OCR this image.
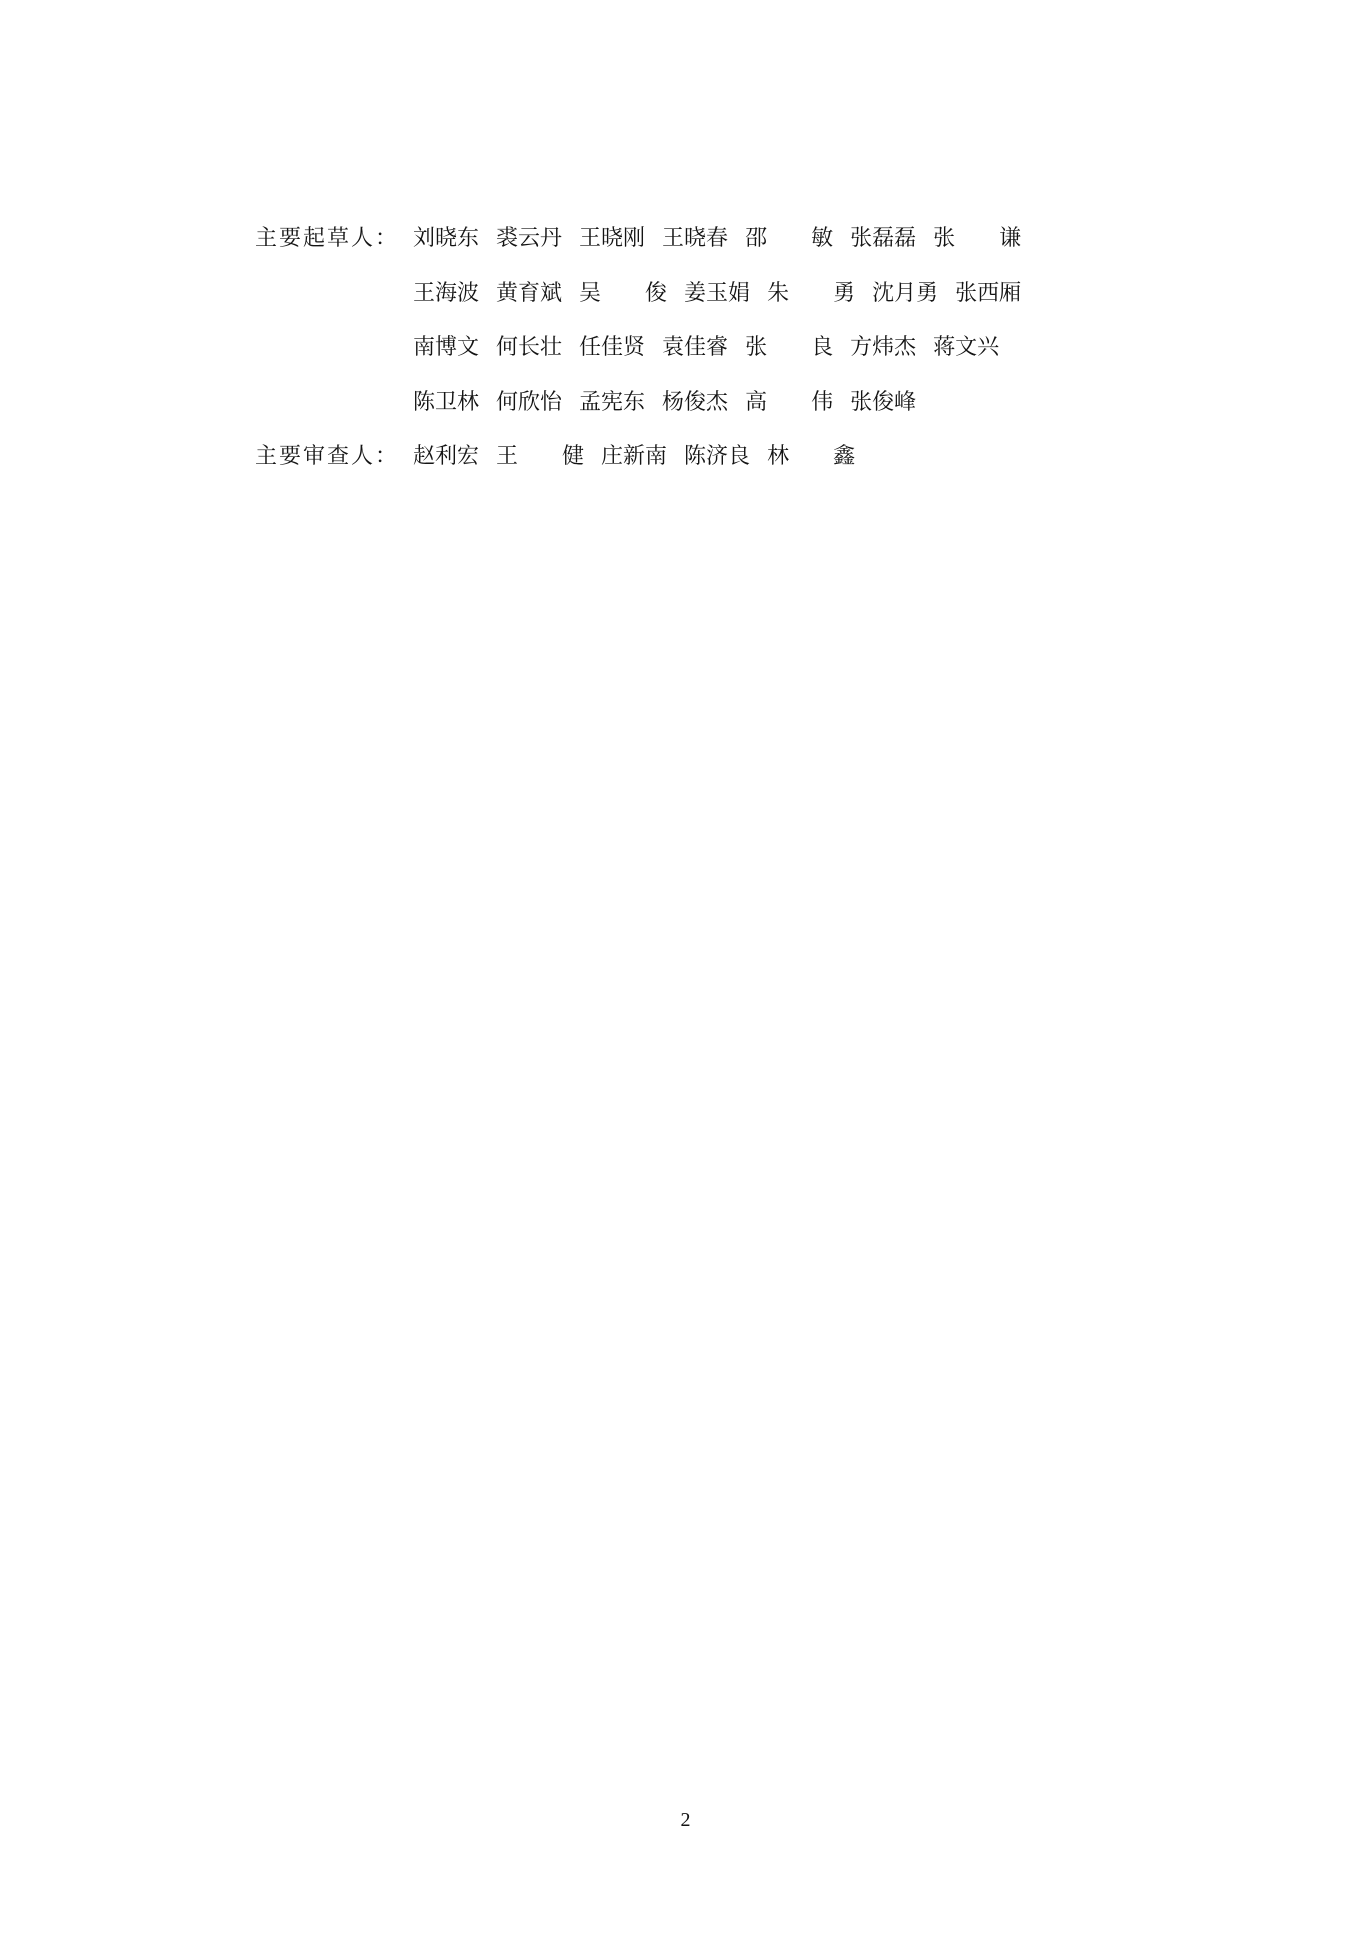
主要起草人： 刘晓东 裘云丹 王晓刚 王晓春 邵　　敏 张磊磊 张　　谦
王海波 黄育斌 吴　　俊 姜玉娟 朱　　勇 沈月勇 张西厢
南博文 何长壮 任佳贤 袁佳睿 张　　良 方炜杰 蒋文兴
陈卫林 何欣怡 孟宪东 杨俊杰 高　　伟 张俊峰
主要审查人： 赵利宏 王　　健 庄新南 陈济良 林　　鑫
2
